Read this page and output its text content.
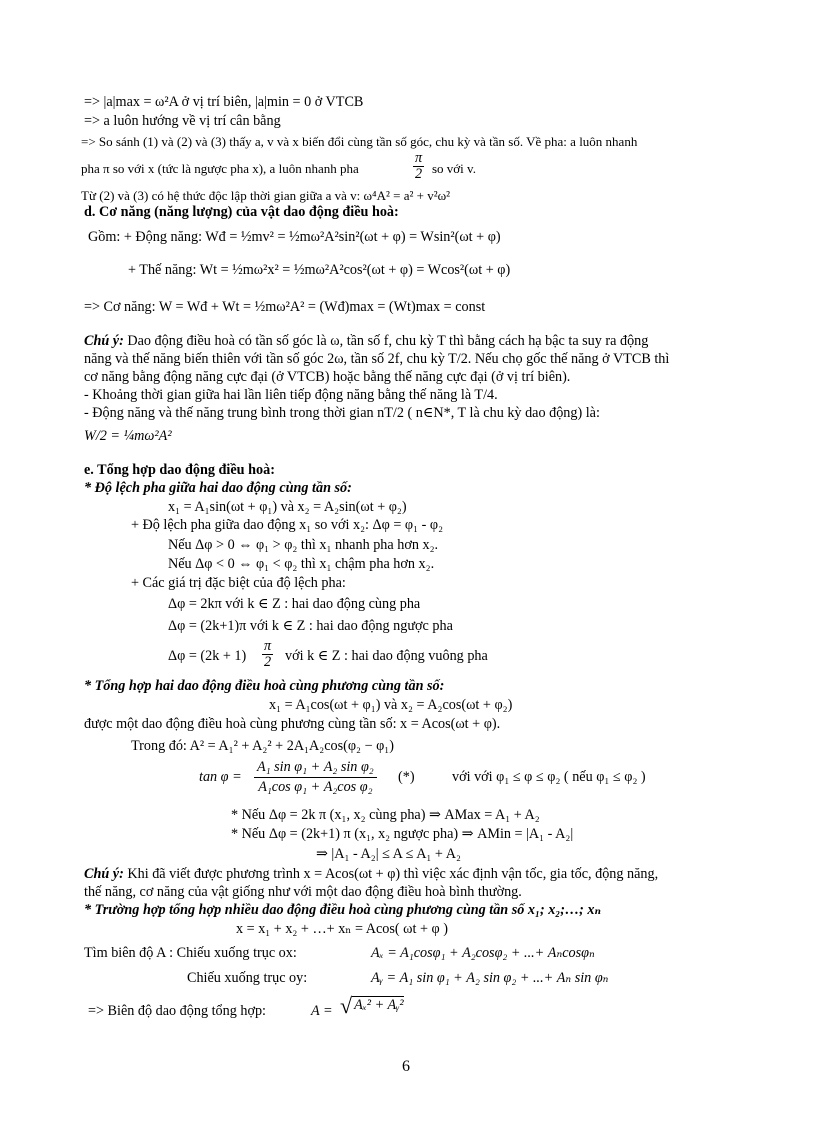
=> |a|max = ω²A ở vị trí biên, |a|min = 0 ở VTCB
=> a luôn hướng về vị trí cân bằng
=> So sánh (1) và (2) và (3) thấy a, v và x biến đổi cùng tần số góc, chu kỳ và tần số. Về pha: a luôn nhanh
pha π so với x (tức là ngược pha x), a luôn nhanh pha	$\frac{\pi}{2}$ so với v.
Từ (2) và (3) có hệ thức độc lập thời gian giữa a và v: ω⁴A² = a² + v²ω²
d. Cơ năng (năng lượng) của vật dao động điều hoà:
Gồm: + Động năng: Wđ = ½mv² = ½mω²A²sin²(ωt + φ) = Wsin²(ωt + φ)
+ Thế năng: Wt = ½mω²x² = ½mω²A²cos²(ωt + φ) = Wcos²(ωt + φ)
=> Cơ năng: W = Wđ + Wt = ½mω²A² = (Wđ)max = (Wt)max = const
Chú ý: Dao động điều hoà có tần số góc là ω, tần số f, chu kỳ T thì bằng cách hạ bậc ta suy ra động
năng và thế năng biến thiên với tần số góc 2ω, tần số 2f, chu kỳ T/2. Nếu chọ gốc thế năng ở VTCB thì
cơ năng bằng động năng cực đại (ở VTCB) hoặc bằng thế năng cực đại (ở vị trí biên).
- Khoảng thời gian giữa hai lần liên tiếp động năng bằng thế năng là T/4.
- Động năng và thế năng trung bình trong thời gian nT/2 ( n∈N*, T là chu kỳ dao động) là:
W/2 = ¼mω²A²
e. Tổng hợp dao động điều hoà:
* Độ lệch pha giữa hai dao động cùng tần số:
x₁ = A₁sin(ωt + φ₁) và x₂ = A₂sin(ωt + φ₂)
+ Độ lệch pha giữa dao động x₁ so với x₂: Δφ = φ₁ - φ₂
Nếu Δφ > 0 ⇔ φ₁ > φ₂ thì x₁ nhanh pha hơn x₂.
Nếu Δφ < 0 ⇔ φ₁ < φ₂ thì x₁ chậm pha hơn x₂.
+ Các giá trị đặc biệt của độ lệch pha:
Δφ = 2kπ với k ∈ Z : hai dao động cùng pha
Δφ = (2k+1)π với k ∈ Z : hai dao động ngược pha
$\Delta\varphi = (2k + 1) \frac{\pi}{2}$ với k ∈ Z : hai dao động vuông pha
* Tổng hợp hai dao động điều hoà cùng phương cùng tần số:
x₁ = A₁cos(ωt + φ₁) và x₂ = A₂cos(ωt + φ₂)
được một dao động điều hoà cùng phương cùng tần số: x = Acos(ωt + φ).
Trong đó: A² = A₁² + A₂² + 2A₁A₂cos(φ₂ − φ₁)
$\tan \varphi = \frac{\text{A₁ sin φ₁ + A₂ sin φ₂}}{\text{A₁cos φ₁ + A₂cos φ₂}}$ (*)	với với φ₁ ≤ φ ≤ φ₂ ( nếu φ₁ ≤ φ₂ )
* Nếu Δφ = 2k π (x₁, x₂ cùng pha) ⇒ AMax = A₁ + A₂
* Nếu Δφ = (2k+1) π (x₁, x₂ ngược pha) ⇒ AMin = |A₁ - A₂|
⇒ |A₁ - A₂| ≤ A ≤ A₁ + A₂
Chú ý: Khi đã viết được phương trình x = Acos(ωt + φ) thì việc xác định vận tốc, gia tốc, động năng,
thế năng, cơ năng của vật giống như với một dao động điều hoà bình thường.
* Trường hợp tổng hợp nhiều dao động điều hoà cùng phương cùng tần số x₁; x₂;…; xₙ
x = x₁ + x₂ + …+ xₙ = Acos( ωt + φ )
Tìm biên độ A : Chiếu xuống trục ox:	Aₓ = A₁cosφ₁ + A₂cosφ₂ + ...+ Aₙcosφₙ
Chiếu xuống trục oy:	Aᵧ = A₁ sin φ₁ + A₂ sin φ₂ + ...+ Aₙ sin φₙ
=> Biên độ dao động tổng hợp:	A = √ Aₓ² + Aᵧ²
6
